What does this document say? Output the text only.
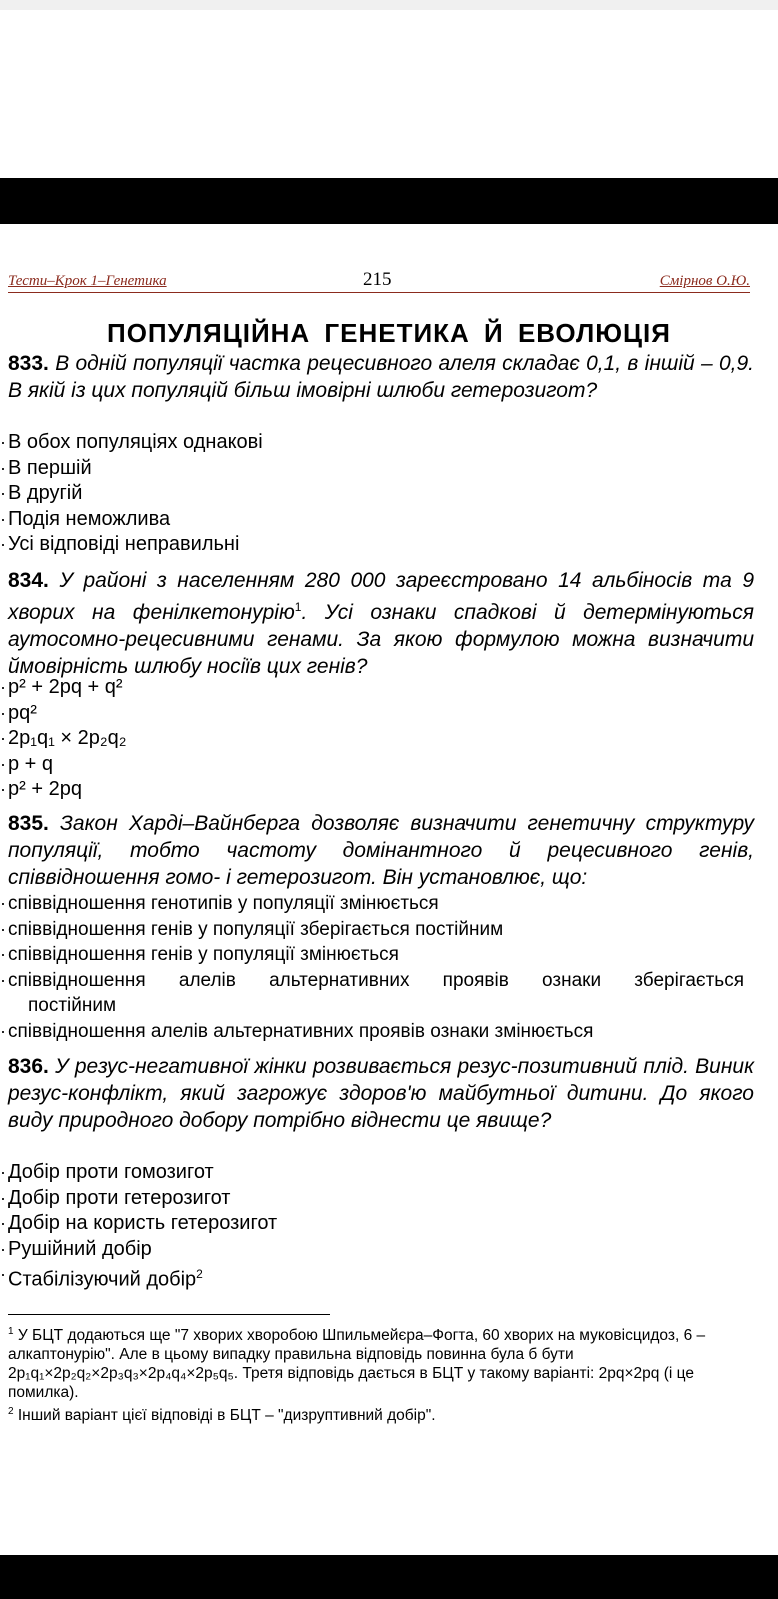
Тести–Крок 1–Генетика	215	Смірнов О.Ю.
ПОПУЛЯЦІЙНА ГЕНЕТИКА Й ЕВОЛЮЦІЯ
833. В одній популяції частка рецесивного алеля складає 0,1, в іншій – 0,9. В якій із цих популяцій більш імовірні шлюби гетерозигот?
· В обох популяціях однакові
· В першій
· В другій
· Подія неможлива
· Усі відповіді неправильні
834. У районі з населенням 280 000 зареєстровано 14 альбіносів та 9 хворих на фенілкетонурію$^1$. Усі ознаки спадкові й детермінуються аутосомно-рецесивними генами. За якою формулою можна визначити ймовірність шлюбу носіїв цих генів?
· p² + 2pq + q²
· pq²
· 2p₁q₁ × 2p₂q₂
· p + q
· p² + 2pq
835. Закон Харді–Вайнберга дозволяє визначити генетичну структуру популяції, тобто частоту домінантного й рецесивного генів, співвідношення гомо- і гетерозигот. Він установлює, що:
· співвідношення генотипів у популяції змінюється
· співвідношення генів у популяції зберігається постійним
· співвідношення генів у популяції змінюється
· співвідношення алелів альтернативних проявів ознаки зберігається
постійним
· співвідношення алелів альтернативних проявів ознаки змінюється
836. У резус-негативної жінки розвивається резус-позитивний плід. Виник резус-конфлікт, який загрожує здоров'ю майбутньої дитини. До якого виду природного добору потрібно віднести це явище?
· Добір проти гомозигот
· Добір проти гетерозигот
· Добір на користь гетерозигот
· Рушійний добір
· Стабілізуючий добір$^2$

$^1$ У БЦТ додаються ще "7 хворих хворобою Шпильмейєра–Фогта, 60 хворих на муковісцидоз, 6 – алкаптонурію". Але в цьому випадку правильна відповідь повинна була б бути 2p₁q₁×2p₂q₂×2p₃q₃×2p₄q₄×2p₅q₅. Третя відповідь дається в БЦТ у такому варіанті: 2pq×2pq (і це помилка).

$^2$ Інший варіант цієї відповіді в БЦТ – "дизруптивний добір".
